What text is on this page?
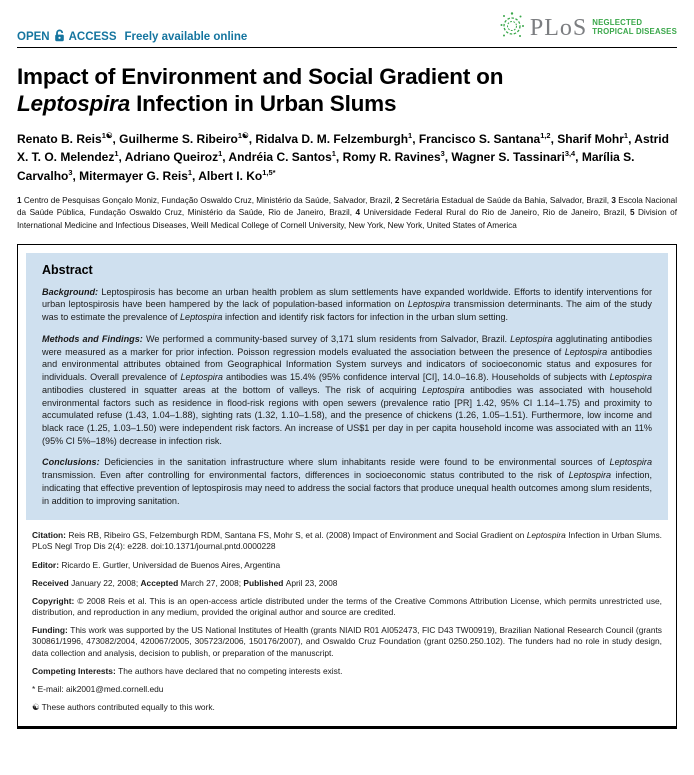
OPEN ACCESS Freely available online	PLoS NEGLECTED
TROPICAL DISEASES
Impact of Environment and Social Gradient on
Leptospira Infection in Urban Slums

Renato B. Reis$^{1☯}$, Guilherme S. Ribeiro$^{1☯}$, Ridalva D. M. Felzemburgh$^1$, Francisco S. Santana$^{1,2}$, Sharif Mohr$^1$, Astrid X. T. O. Melendez$^1$, Adriano Queiroz$^1$, Andréia C. Santos$^1$, Romy R. Ravines$^3$, Wagner S. Tassinari$^{3,4}$, Marília S. Carvalho$^3$, Mitermayer G. Reis$^1$, Albert I. $Ko^{1,5*}$

1 Centro de Pesquisas Gonçalo Moniz, Fundação Oswaldo Cruz, Ministério da Saúde, Salvador, Brazil, 2 Secretária Estadual de Saúde da Bahia, Salvador, Brazil, 3 Escola Nacional da Saúde Pública, Fundação Oswaldo Cruz, Ministério da Saúde, Rio de Janeiro, Brazil, 4 Universidade Federal Rural do Rio de Janeiro, Rio de Janeiro, Brazil, 5 Division of International Medicine and Infectious Diseases, Weill Medical College of Cornell University, New York, New York, United States of America

Abstract

Background: Leptospirosis has become an urban health problem as slum settlements have expanded worldwide. Efforts to identify interventions for urban leptospirosis have been hampered by the lack of population-based information on Leptospira transmission determinants. The aim of the study was to estimate the prevalence of Leptospira infection and identify risk factors for infection in the urban slum setting.

Methods and Findings: We performed a community-based survey of 3,171 slum residents from Salvador, Brazil. Leptospira agglutinating antibodies were measured as a marker for prior infection. Poisson regression models evaluated the association between the presence of Leptospira antibodies and environmental attributes obtained from Geographical Information System surveys and indicators of socioeconomic status and exposures for individuals. Overall prevalence of Leptospira antibodies was 15.4% (95% confidence interval [CI], 14.0–16.8). Households of subjects with Leptospira antibodies clustered in squatter areas at the bottom of valleys. The risk of acquiring Leptospira antibodies was associated with household environmental factors such as residence in flood-risk regions with open sewers (prevalence ratio [PR] 1.42, 95% CI 1.14–1.75) and proximity to accumulated refuse (1.43, 1.04–1.88), sighting rats (1.32, 1.10–1.58), and the presence of chickens (1.26, 1.05–1.51). Furthermore, low income and black race (1.25, 1.03–1.50) were independent risk factors. An increase of US$1 per day in per capita household income was associated with an 11% (95% CI 5%–18%) decrease in infection risk.

Conclusions: Deficiencies in the sanitation infrastructure where slum inhabitants reside were found to be environmental sources of Leptospira transmission. Even after controlling for environmental factors, differences in socioeconomic status contributed to the risk of Leptospira infection, indicating that effective prevention of leptospirosis may need to address the social factors that produce unequal health outcomes among slum residents, in addition to improving sanitation.

Citation: Reis RB, Ribeiro GS, Felzemburgh RDM, Santana FS, Mohr S, et al. (2008) Impact of Environment and Social Gradient on Leptospira Infection in Urban Slums. PLoS Negl Trop Dis 2(4): e228. doi:10.1371/journal.pntd.0000228

Editor: Ricardo E. Gurtler, Universidad de Buenos Aires, Argentina

Received January 22, 2008; Accepted March 27, 2008; Published April 23, 2008

Copyright: © 2008 Reis et al. This is an open-access article distributed under the terms of the Creative Commons Attribution License, which permits unrestricted use, distribution, and reproduction in any medium, provided the original author and source are credited.

Funding: This work was supported by the US National Institutes of Health (grants NIAID R01 AI052473, FIC D43 TW00919), Brazilian National Research Council (grants 300861/1996, 473082/2004, 420067/2005, 305723/2006, 150176/2007), and Oswaldo Cruz Foundation (grant 0250.250.102). The funders had no role in study design, data collection and analysis, decision to publish, or preparation of the manuscript.

Competing Interests: The authors have declared that no competing interests exist.

* E-mail: aik2001@med.cornell.edu

☯ These authors contributed equally to this work.
